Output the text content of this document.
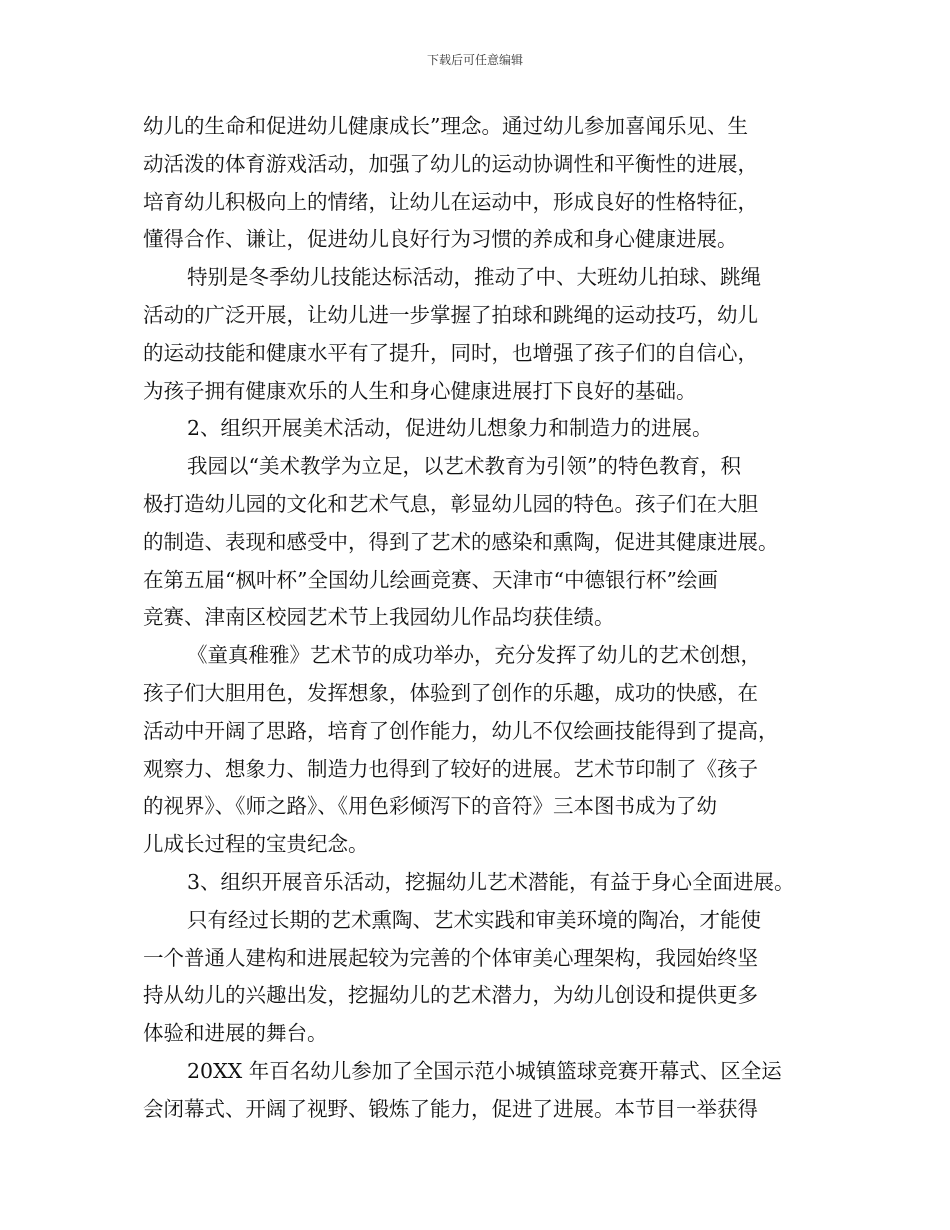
下载后可任意编辑
幼儿的生命和促进幼儿健康成长”理念。通过幼儿参加喜闻乐见、生
动活泼的体育游戏活动，加强了幼儿的运动协调性和平衡性的进展，
培育幼儿积极向上的情绪，让幼儿在运动中，形成良好的性格特征，
懂得合作、谦让，促进幼儿良好行为习惯的养成和身心健康进展。
特别是冬季幼儿技能达标活动，推动了中、大班幼儿拍球、跳绳
活动的广泛开展，让幼儿进一步掌握了拍球和跳绳的运动技巧，幼儿
的运动技能和健康水平有了提升，同时，也增强了孩子们的自信心，
为孩子拥有健康欢乐的人生和身心健康进展打下良好的基础。
2、组织开展美术活动，促进幼儿想象力和制造力的进展。
我园以“美术教学为立足，以艺术教育为引领”的特色教育，积
极打造幼儿园的文化和艺术气息，彰显幼儿园的特色。孩子们在大胆
的制造、表现和感受中，得到了艺术的感染和熏陶，促进其健康进展。
在第五届“枫叶杯”全国幼儿绘画竞赛、天津市“中德银行杯”绘画
竞赛、津南区校园艺术节上我园幼儿作品均获佳绩。
《童真稚雅》艺术节的成功举办，充分发挥了幼儿的艺术创想，
孩子们大胆用色，发挥想象，体验到了创作的乐趣，成功的快感，在
活动中开阔了思路，培育了创作能力，幼儿不仅绘画技能得到了提高，
观察力、想象力、制造力也得到了较好的进展。艺术节印制了《孩子
的视界》、《师之路》、《用色彩倾泻下的音符》三本图书成为了幼
儿成长过程的宝贵纪念。
3、组织开展音乐活动，挖掘幼儿艺术潜能，有益于身心全面进展。
只有经过长期的艺术熏陶、艺术实践和审美环境的陶冶，才能使
一个普通人建构和进展起较为完善的个体审美心理架构，我园始终坚
持从幼儿的兴趣出发，挖掘幼儿的艺术潜力，为幼儿创设和提供更多
体验和进展的舞台。
20XX 年百名幼儿参加了全国示范小城镇篮球竞赛开幕式、区全运
会闭幕式、开阔了视野、锻炼了能力，促进了进展。本节目一举获得
